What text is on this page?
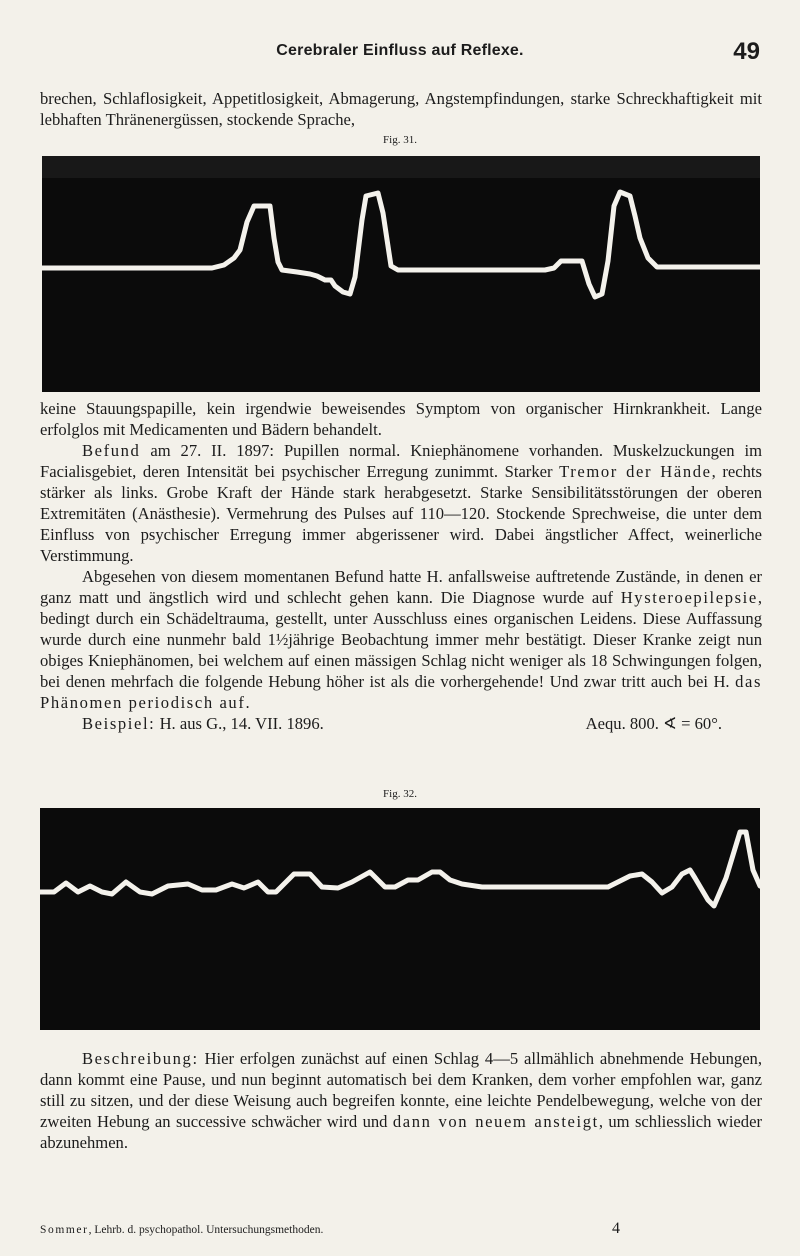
Cerebraler Einfluss auf Reflexe.	49

brechen, Schlaflosigkeit, Appetitlosigkeit, Abmagerung, Angstempfindungen, starke Schreckhaftigkeit mit lebhaften Thränenergüssen, stockende Sprache,

Fig. 31.

keine Stauungspapille, kein irgendwie beweisendes Symptom von organischer Hirnkrankheit. Lange erfolglos mit Medicamenten und Bädern behandelt.

Befund am 27. II. 1897: Pupillen normal. Kniephänomene vorhanden. Muskelzuckungen im Facialisgebiet, deren Intensität bei psychischer Erregung zunimmt. Starker Tremor der Hände, rechts stärker als links. Grobe Kraft der Hände stark herabgesetzt. Starke Sensibilitätsstörungen der oberen Extremitäten (Anästhesie). Vermehrung des Pulses auf 110—120. Stockende Sprechweise, die unter dem Einfluss von psychischer Erregung immer abgerissener wird. Dabei ängstlicher Affect, weinerliche Verstimmung.

Abgesehen von diesem momentanen Befund hatte H. anfallsweise auftretende Zustände, in denen er ganz matt und ängstlich wird und schlecht gehen kann. Die Diagnose wurde auf Hysteroepilepsie, bedingt durch ein Schädeltrauma, gestellt, unter Ausschluss eines organischen Leidens. Diese Auffassung wurde durch eine nunmehr bald 1½jährige Beobachtung immer mehr bestätigt. Dieser Kranke zeigt nun obiges Kniephänomen, bei welchem auf einen mässigen Schlag nicht weniger als 18 Schwingungen folgen, bei denen mehrfach die folgende Hebung höher ist als die vorhergehende! Und zwar tritt auch bei H. das Phänomen periodisch auf.

Beispiel: H. aus G., 14. VII. 1896.	Aequ. 800. ∢ = 60°.

Fig. 32.

Beschreibung: Hier erfolgen zunächst auf einen Schlag 4—5 allmählich abnehmende Hebungen, dann kommt eine Pause, und nun beginnt automatisch bei dem Kranken, dem vorher empfohlen war, ganz still zu sitzen, und der diese Weisung auch begreifen konnte, eine leichte Pendelbewegung, welche von der zweiten Hebung an successive schwächer wird und dann von neuem ansteigt, um schliesslich wieder abzunehmen.

Sommer, Lehrb. d. psychopathol. Untersuchungsmethoden.	4
